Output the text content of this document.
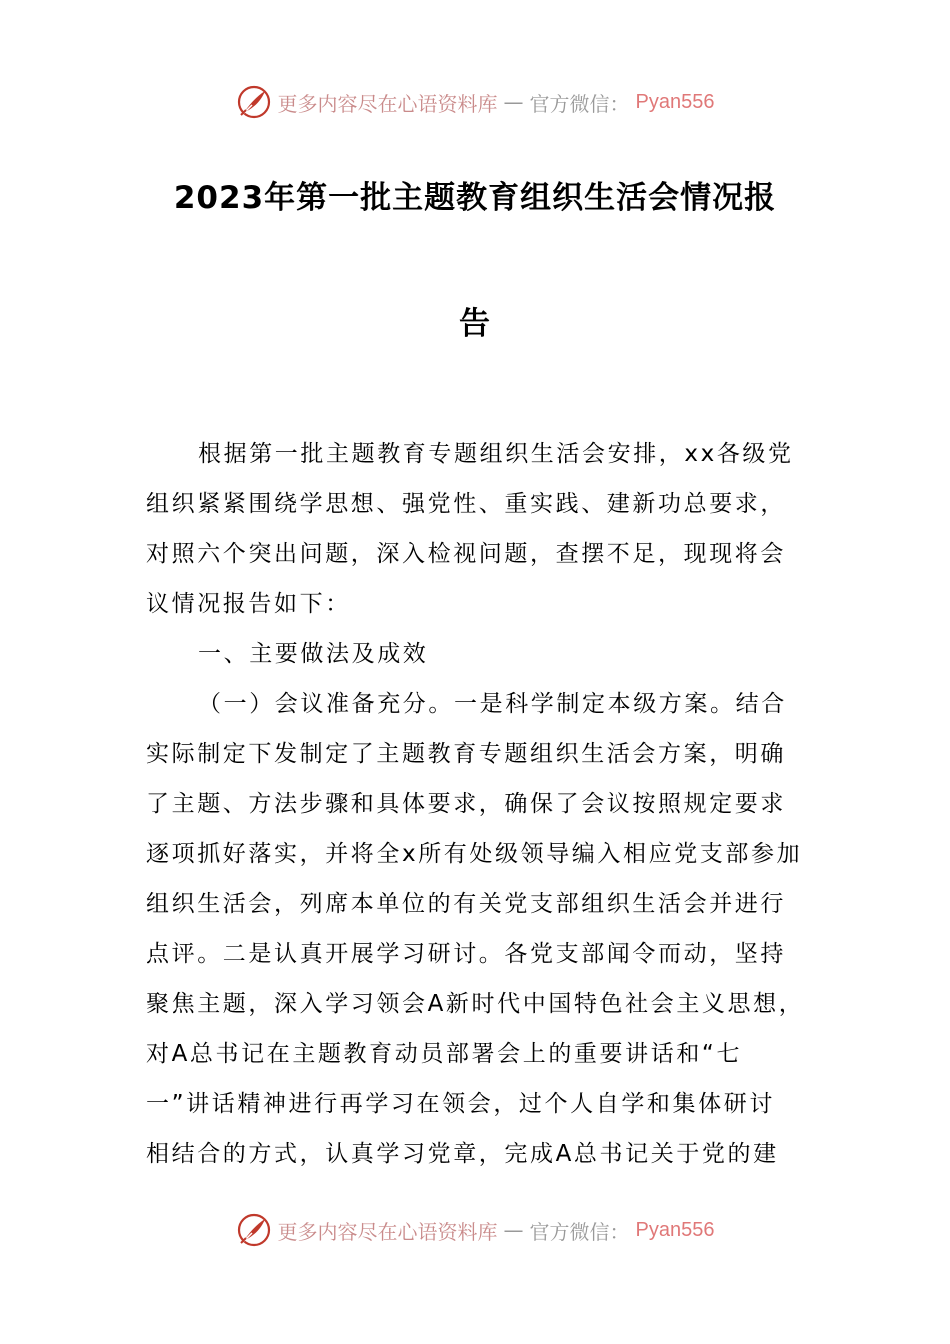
更多内容尽在心语资料库 — 官方微信： Pyan556
2023年第一批主题教育组织生活会情况报
告
根据第一批主题教育专题组织生活会安排，xx各级党
组织紧紧围绕学思想、强党性、重实践、建新功总要求，
对照六个突出问题，深入检视问题，查摆不足，现现将会
议情况报告如下：
一、主要做法及成效
（一）会议准备充分。一是科学制定本级方案。结合
实际制定下发制定了主题教育专题组织生活会方案，明确
了主题、方法步骤和具体要求，确保了会议按照规定要求
逐项抓好落实，并将全x所有处级领导编入相应党支部参加
组织生活会，列席本单位的有关党支部组织生活会并进行
点评。二是认真开展学习研讨。各党支部闻令而动，坚持
聚焦主题，深入学习领会A新时代中国特色社会主义思想，
对A总书记在主题教育动员部署会上的重要讲话和“七
一”讲话精神进行再学习在领会，过个人自学和集体研讨
相结合的方式，认真学习党章，完成A总书记关于党的建
更多内容尽在心语资料库 — 官方微信： Pyan556
